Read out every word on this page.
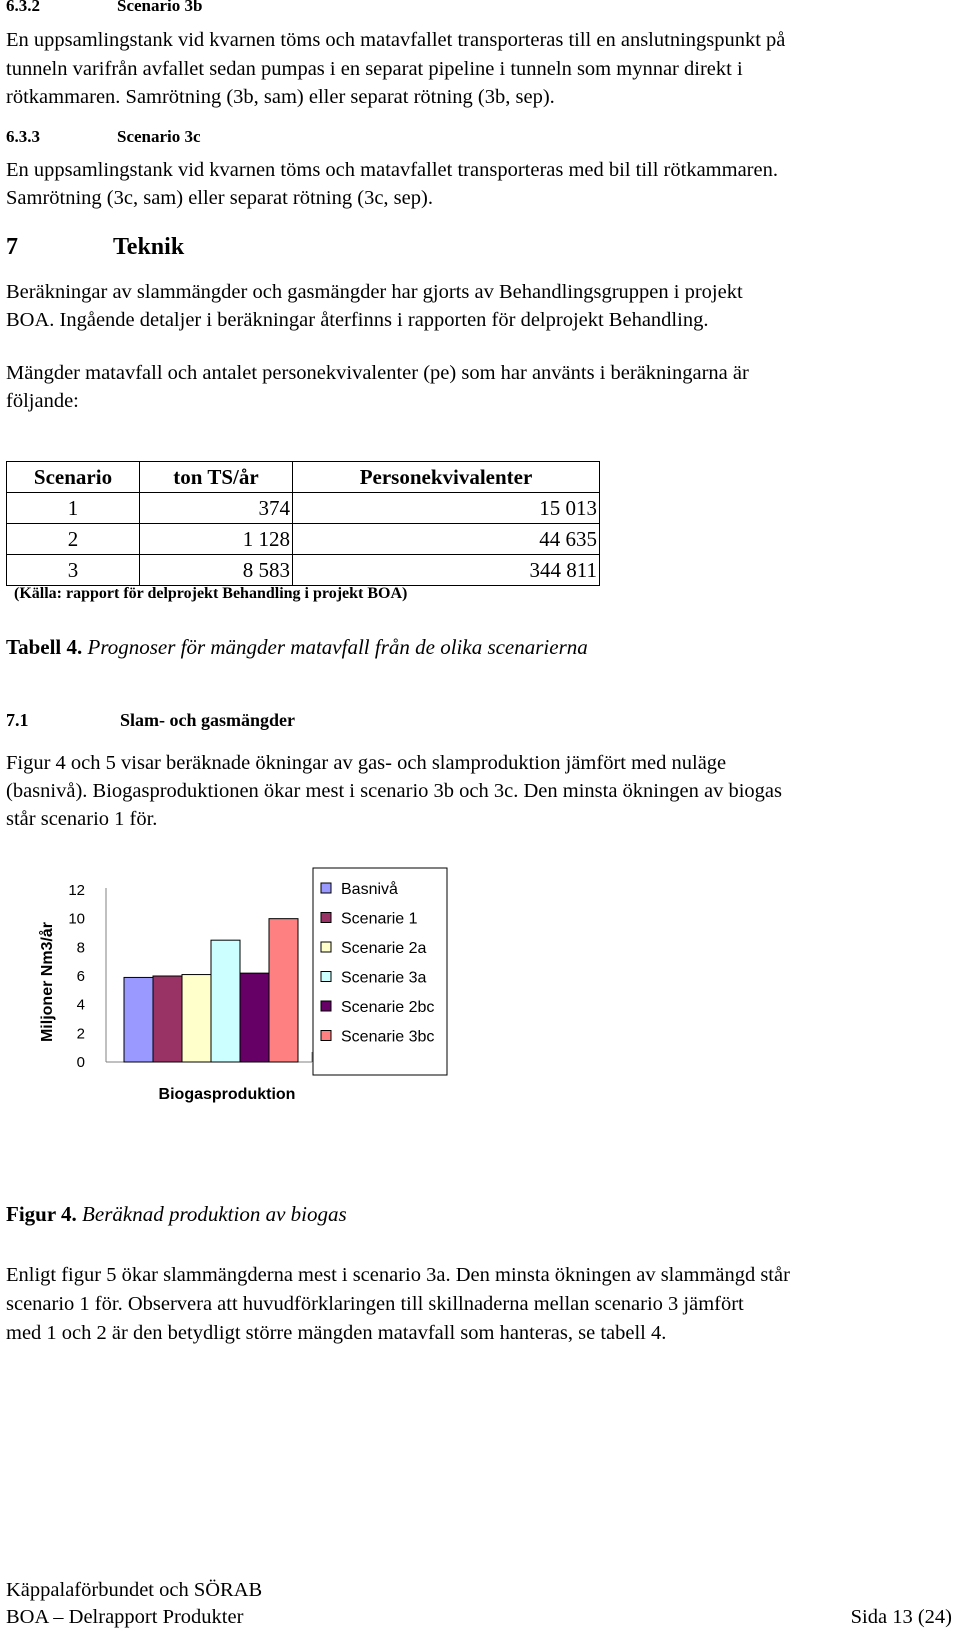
6.3.2	Scenario 3b
En uppsamlingstank vid kvarnen töms och matavfallet transporteras till en anslutningspunkt på
tunneln varifrån avfallet sedan pumpas i en separat pipeline i tunneln som mynnar direkt i
rötkammaren. Samrötning (3b, sam) eller separat rötning (3b, sep).
6.3.3	Scenario 3c
En uppsamlingstank vid kvarnen töms och matavfallet transporteras med bil till rötkammaren.
Samrötning (3c, sam) eller separat rötning (3c, sep).
7	Teknik
Beräkningar av slammängder och gasmängder har gjorts av Behandlingsgruppen i projekt
BOA. Ingående detaljer i beräkningar återfinns i rapporten för delprojekt Behandling.
Mängder matavfall och antalet personekvivalenter (pe) som har använts i beräkningarna är
följande:
Scenario	ton TS/år	Personekvivalenter
1	374	15 013
2	1 128	44 635
3	8 583	344 811
(Källa: rapport för delprojekt Behandling i projekt BOA)
Tabell 4. Prognoser för mängder matavfall från de olika scenarierna
7.1	Slam- och gasmängder
Figur 4 och 5 visar beräknade ökningar av gas- och slamproduktion jämfört med nuläge
(basnivå). Biogasproduktionen ökar mest i scenario 3b och 3c. Den minsta ökningen av biogas
står scenario 1 för.
0
2
4
6
8
10
12
Miljoner Nm3/år
Biogasproduktion
Basnivå
Scenarie 1
Scenarie 2a
Scenarie 3a
Scenarie 2bc
Scenarie 3bc
Figur 4. Beräknad produktion av biogas
Enligt figur 5 ökar slammängderna mest i scenario 3a. Den minsta ökningen av slammängd står
scenario 1 för. Observera att huvudförklaringen till skillnaderna mellan scenario 3 jämfört
med 1 och 2 är den betydligt större mängden matavfall som hanteras, se tabell 4.
Käppalaförbundet och SÖRAB
BOA – Delrapport Produkter	Sida 13 (24)
